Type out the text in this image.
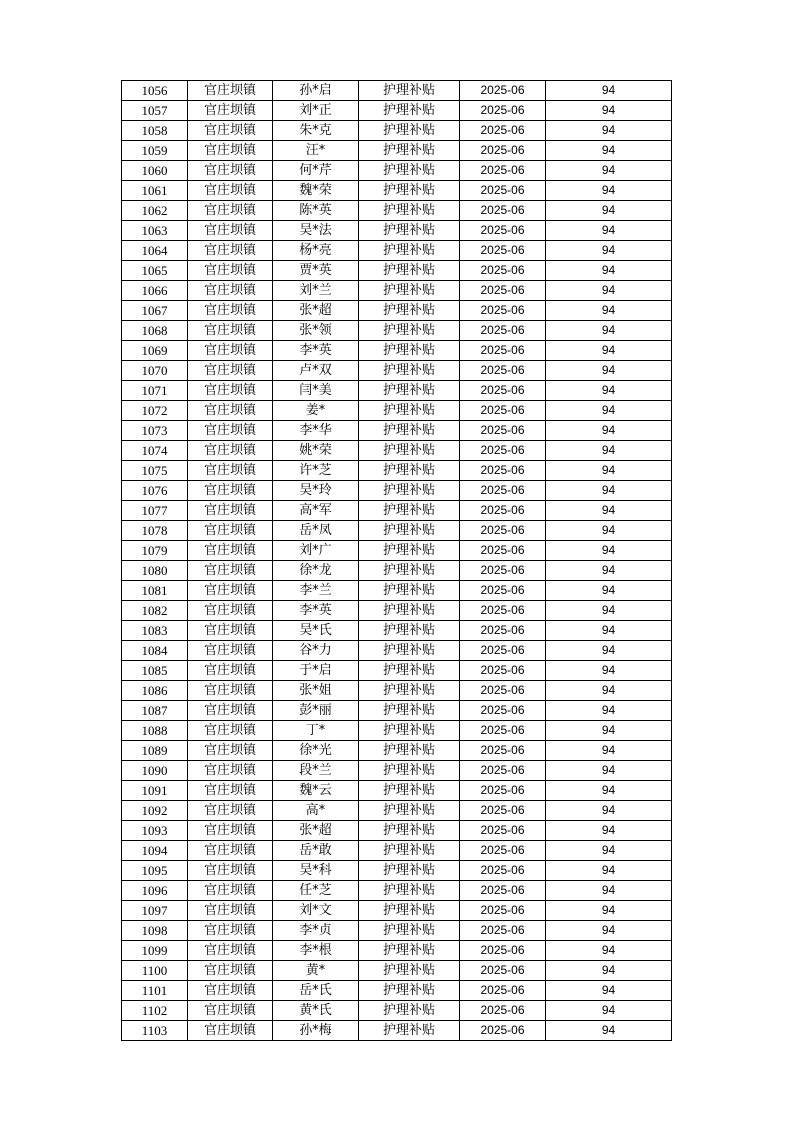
1056	官庄坝镇	孙*启	护理补贴	2025-06	94
1057	官庄坝镇	刘*正	护理补贴	2025-06	94
1058	官庄坝镇	朱*克	护理补贴	2025-06	94
1059	官庄坝镇	汪*	护理补贴	2025-06	94
1060	官庄坝镇	何*芹	护理补贴	2025-06	94
1061	官庄坝镇	魏*荣	护理补贴	2025-06	94
1062	官庄坝镇	陈*英	护理补贴	2025-06	94
1063	官庄坝镇	吴*法	护理补贴	2025-06	94
1064	官庄坝镇	杨*亮	护理补贴	2025-06	94
1065	官庄坝镇	贾*英	护理补贴	2025-06	94
1066	官庄坝镇	刘*兰	护理补贴	2025-06	94
1067	官庄坝镇	张*超	护理补贴	2025-06	94
1068	官庄坝镇	张*领	护理补贴	2025-06	94
1069	官庄坝镇	李*英	护理补贴	2025-06	94
1070	官庄坝镇	卢*双	护理补贴	2025-06	94
1071	官庄坝镇	闫*美	护理补贴	2025-06	94
1072	官庄坝镇	姜*	护理补贴	2025-06	94
1073	官庄坝镇	李*华	护理补贴	2025-06	94
1074	官庄坝镇	姚*荣	护理补贴	2025-06	94
1075	官庄坝镇	许*芝	护理补贴	2025-06	94
1076	官庄坝镇	吴*玲	护理补贴	2025-06	94
1077	官庄坝镇	高*军	护理补贴	2025-06	94
1078	官庄坝镇	岳*凤	护理补贴	2025-06	94
1079	官庄坝镇	刘*广	护理补贴	2025-06	94
1080	官庄坝镇	徐*龙	护理补贴	2025-06	94
1081	官庄坝镇	李*兰	护理补贴	2025-06	94
1082	官庄坝镇	李*英	护理补贴	2025-06	94
1083	官庄坝镇	吴*氏	护理补贴	2025-06	94
1084	官庄坝镇	谷*力	护理补贴	2025-06	94
1085	官庄坝镇	于*启	护理补贴	2025-06	94
1086	官庄坝镇	张*姐	护理补贴	2025-06	94
1087	官庄坝镇	彭*丽	护理补贴	2025-06	94
1088	官庄坝镇	丁*	护理补贴	2025-06	94
1089	官庄坝镇	徐*光	护理补贴	2025-06	94
1090	官庄坝镇	段*兰	护理补贴	2025-06	94
1091	官庄坝镇	魏*云	护理补贴	2025-06	94
1092	官庄坝镇	高*	护理补贴	2025-06	94
1093	官庄坝镇	张*超	护理补贴	2025-06	94
1094	官庄坝镇	岳*敢	护理补贴	2025-06	94
1095	官庄坝镇	吴*科	护理补贴	2025-06	94
1096	官庄坝镇	任*芝	护理补贴	2025-06	94
1097	官庄坝镇	刘*文	护理补贴	2025-06	94
1098	官庄坝镇	李*贞	护理补贴	2025-06	94
1099	官庄坝镇	李*根	护理补贴	2025-06	94
1100	官庄坝镇	黄*	护理补贴	2025-06	94
1101	官庄坝镇	岳*氏	护理补贴	2025-06	94
1102	官庄坝镇	黄*氏	护理补贴	2025-06	94
1103	官庄坝镇	孙*梅	护理补贴	2025-06	94
